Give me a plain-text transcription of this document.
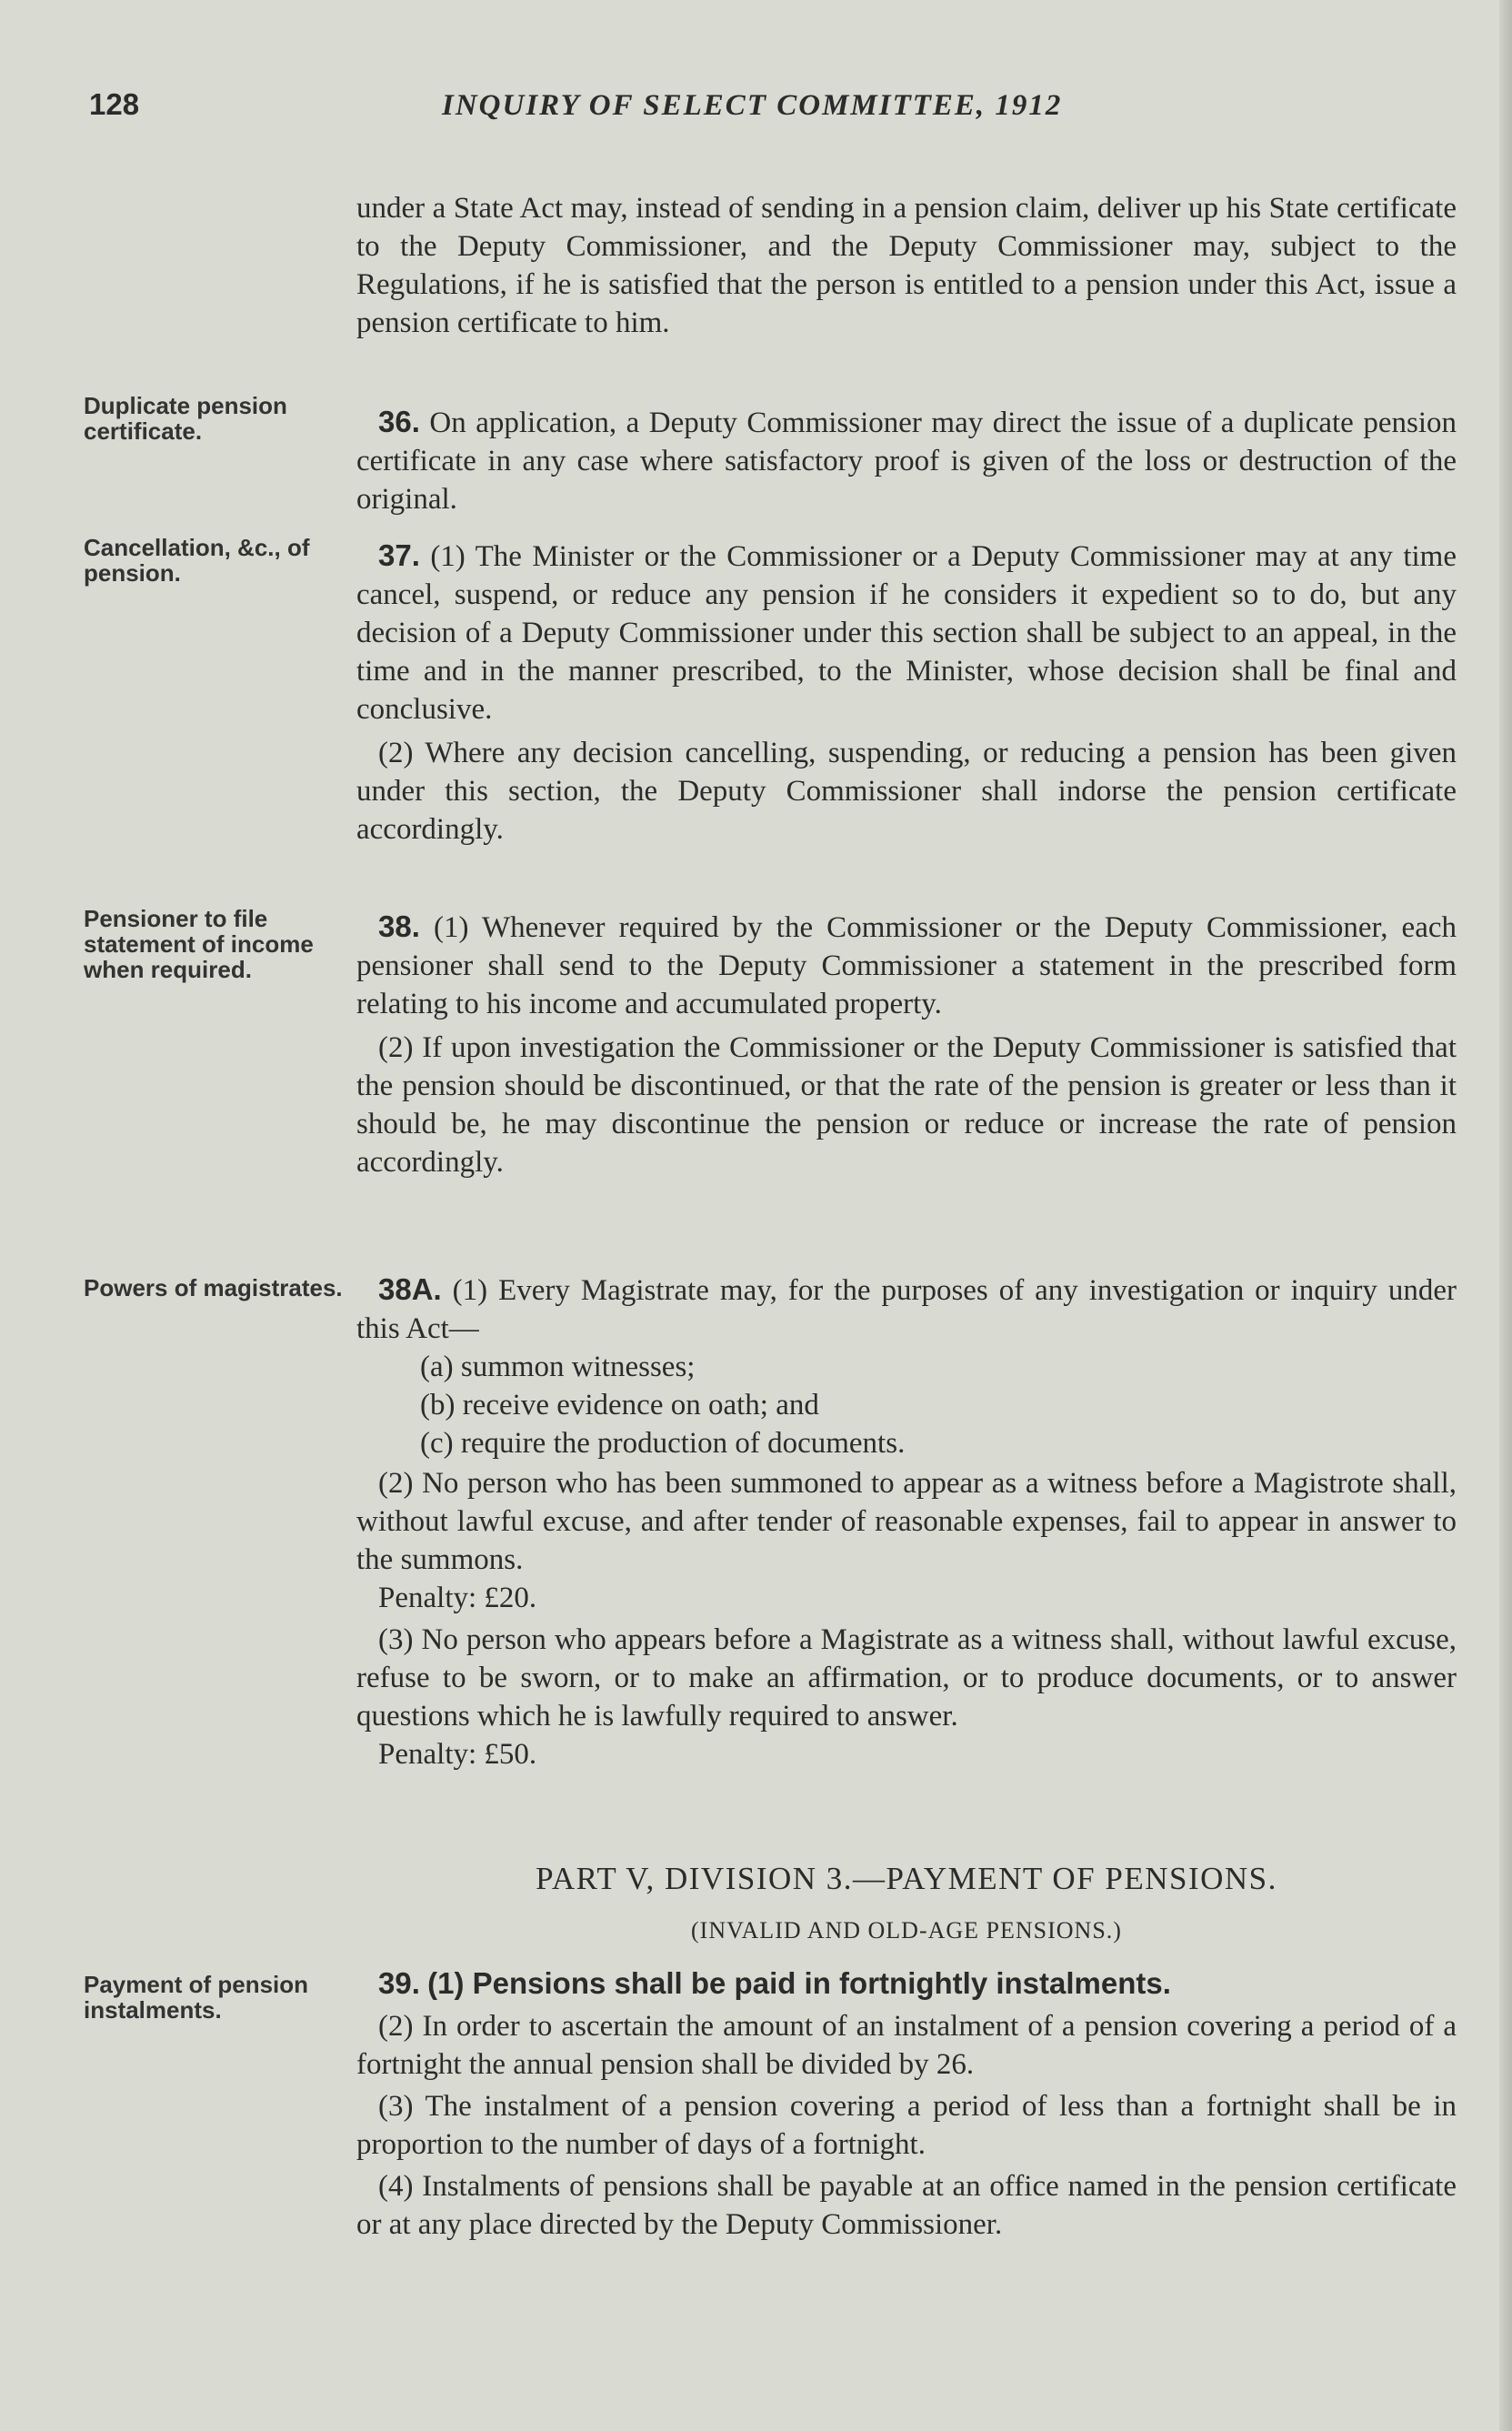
128	INQUIRY OF SELECT COMMITTEE, 1912

under a State Act may, instead of sending in a pension claim, deliver up his State certificate to the Deputy Commissioner, and the Deputy Commissioner may, subject to the Regulations, if he is satisfied that the person is entitled to a pension under this Act, issue a pension certificate to him.

Duplicate pension certificate.	36. On application, a Deputy Commissioner may direct the issue of a duplicate pension certificate in any case where satisfactory proof is given of the loss or destruction of the original.

Cancellation, &c., of pension.

37. (1) The Minister or the Commissioner or a Deputy Commissioner may at any time cancel, suspend, or reduce any pension if he considers it expedient so to do, but any decision of a Deputy Commissioner under this section shall be subject to an appeal, in the time and in the manner prescribed, to the Minister, whose decision shall be final and conclusive.

(2) Where any decision cancelling, suspending, or reducing a pension has been given under this section, the Deputy Commissioner shall indorse the pension certificate accordingly.

Pensioner to file statement of income when required.

38. (1) Whenever required by the Commissioner or the Deputy Commissioner, each pensioner shall send to the Deputy Commissioner a statement in the prescribed form relating to his income and accumulated property.

(2) If upon investigation the Commissioner or the Deputy Commissioner is satisfied that the pension should be discontinued, or that the rate of the pension is greater or less than it should be, he may discontinue the pension or reduce or increase the rate of pension accordingly.

Powers of magistrates.	38A. (1) Every Magistrate may, for the purposes of any investigation or inquiry under this Act—

(a) summon witnesses;

(b) receive evidence on oath; and

(c) require the production of documents.

(2) No person who has been summoned to appear as a witness before a Magistrote shall, without lawful excuse, and after tender of reasonable expenses, fail to appear in answer to the summons.

Penalty: £20.

(3) No person who appears before a Magistrate as a witness shall, without lawful excuse, refuse to be sworn, or to make an affirmation, or to produce documents, or to answer questions which he is lawfully required to answer.

Penalty: £50.

PART V, DIVISION 3.—PAYMENT OF PENSIONS.
(INVALID AND OLD-AGE PENSIONS.)
Payment of pension instalments.

39. (1) Pensions shall be paid in fortnightly instalments.

(2) In order to ascertain the amount of an instalment of a pension covering a period of a fortnight the annual pension shall be divided by 26.

(3) The instalment of a pension covering a period of less than a fortnight shall be in proportion to the number of days of a fortnight.

(4) Instalments of pensions shall be payable at an office named in the pension certificate or at any place directed by the Deputy Commissioner.
